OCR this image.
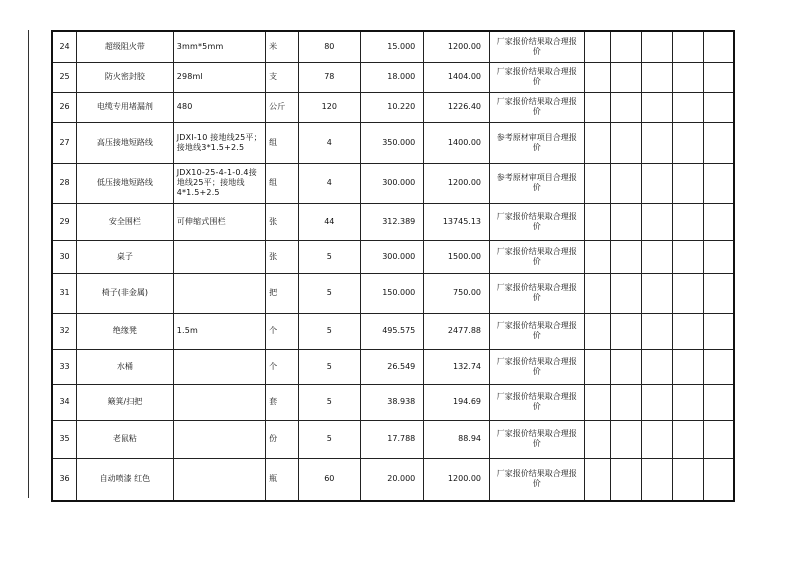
24	超级阻火带	3mm*5mm	米	80	15.000	1200.00	厂家报价结果取合理报价					
25	防火密封胶	298ml	支	78	18.000	1404.00	厂家报价结果取合理报价					
26	电缆专用堵漏剂	480	公斤	120	10.220	1226.40	厂家报价结果取合理报价					
27	高压接地短路线	JDXI-10 接地线25平；接地线3*1.5+2.5	组	4	350.000	1400.00	参考原材审项目合理报价					
28	低压接地短路线	JDX10-25-4-1-0.4接地线25平；接地线4*1.5+2.5	组	4	300.000	1200.00	参考原材审项目合理报价					
29	安全围栏	可伸缩式围栏	张	44	312.389	13745.13	厂家报价结果取合理报价					
30	桌子		张	5	300.000	1500.00	厂家报价结果取合理报价					
31	椅子(非金属)		把	5	150.000	750.00	厂家报价结果取合理报价					
32	绝缘凳	1.5m	个	5	495.575	2477.88	厂家报价结果取合理报价					
33	水桶		个	5	26.549	132.74	厂家报价结果取合理报价					
34	簸箕/扫把		套	5	38.938	194.69	厂家报价结果取合理报价					
35	老鼠粘		份	5	17.788	88.94	厂家报价结果取合理报价					
36	自动喷漆 红色		瓶	60	20.000	1200.00	厂家报价结果取合理报价					
